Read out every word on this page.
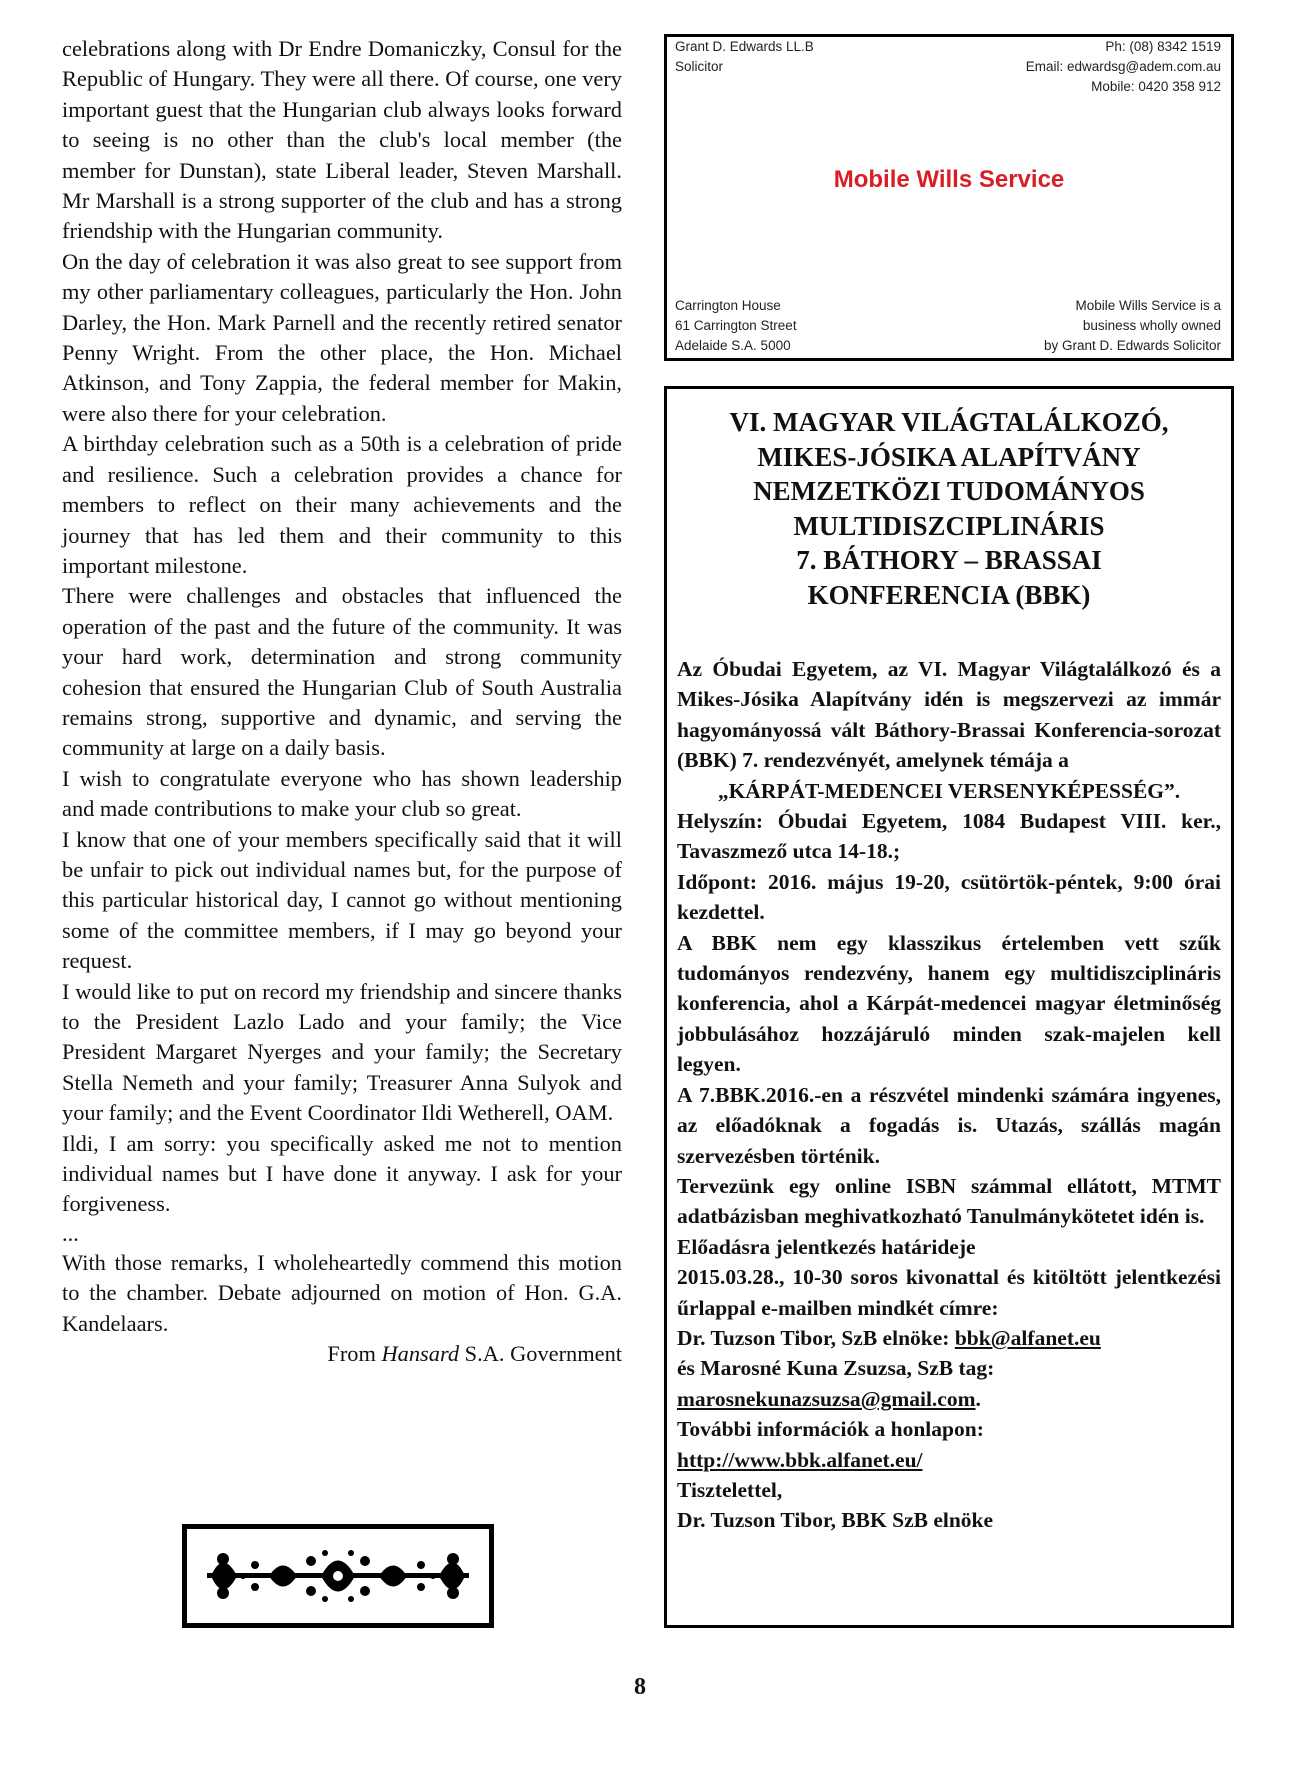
celebrations along with Dr Endre Domaniczky, Consul for the Republic of Hungary. They were all there. Of course, one very important guest that the Hungarian club always looks forward to seeing is no other than the club's local member (the member for Dunstan), state Liberal leader, Steven Marshall. Mr Marshall is a strong supporter of the club and has a strong friendship with the Hungarian community.

On the day of celebration it was also great to see support from my other parliamentary colleagues, particularly the Hon. John Darley, the Hon. Mark Parnell and the recently retired senator Penny Wright. From the other place, the Hon. Michael Atkinson, and Tony Zappia, the federal member for Makin, were also there for your celebration.

A birthday celebration such as a 50th is a celebration of pride and resilience. Such a celebration provides a chance for members to reflect on their many achievements and the journey that has led them and their community to this important milestone.

There were challenges and obstacles that influenced the operation of the past and the future of the community. It was your hard work, determination and strong community cohesion that ensured the Hungarian Club of South Australia remains strong, supportive and dynamic, and serving the community at large on a daily basis.

I wish to congratulate everyone who has shown leadership and made contributions to make your club so great.

I know that one of your members specifically said that it will be unfair to pick out individual names but, for the purpose of this particular historical day, I cannot go without mentioning some of the committee members, if I may go beyond your request.

I would like to put on record my friendship and sincere thanks to the President Lazlo Lado and your family; the Vice President Margaret Nyerges and your family; the Secretary Stella Nemeth and your family; Treasurer Anna Sulyok and your family; and the Event Coordinator Ildi Wetherell, OAM.

Ildi, I am sorry: you specifically asked me not to mention individual names but I have done it anyway. I ask for your forgiveness.

...

With those remarks, I wholeheartedly commend this motion to the chamber. Debate adjourned on motion of Hon. G.A. Kandelaars.

From Hansard S.A. Government

Grant D. Edwards LL.B
Solicitor
Ph: (08) 8342 1519
Email: edwardsg@adem.com.au
Mobile: 0420 358 912
Mobile Wills Service
Carrington House
61 Carrington Street
Adelaide S.A. 5000
Mobile Wills Service is a
business wholly owned
by Grant D. Edwards Solicitor
VI. MAGYAR VILÁGTALÁLKOZÓ,
MIKES-JÓSIKA ALAPÍTVÁNY
NEMZETKÖZI TUDOMÁNYOS
MULTIDISZCIPLINÁRIS
7. BÁTHORY – BRASSAI
KONFERENCIA (BBK)

Az Óbudai Egyetem, az VI. Magyar Világtalálkozó és a Mikes-Jósika Alapítvány idén is megszervezi az immár hagyományossá vált Báthory-Brassai Konferencia-sorozat (BBK) 7. rendezvényét, amelynek témája a

„KÁRPÁT-MEDENCEI VERSENYKÉPESSÉG”.

Helyszín: Óbudai Egyetem, 1084 Budapest VIII. ker., Tavaszmező utca 14-18.;

Időpont: 2016. május 19-20, csütörtök-péntek, 9:00 órai kezdettel.

A BBK nem egy klasszikus értelemben vett szűk tudományos rendezvény, hanem egy multidiszciplináris konferencia, ahol a Kárpát-medencei magyar életminőség jobbulásához hozzájáruló minden szak-majelen kell legyen.

A 7.BBK.2016.-en a részvétel mindenki számára ingyenes, az előadóknak a fogadás is. Utazás, szállás magán szervezésben történik.

Tervezünk egy online ISBN számmal ellátott, MTMT adatbázisban meghivatkozható Tanulmánykötetet idén is.

Előadásra jelentkezés határideje

2015.03.28., 10-30 soros kivonattal és kitöltött jelentkezési űrlappal e-mailben mindkét címre:

Dr. Tuzson Tibor, SzB elnöke: bbk@alfanet.eu

és Marosné Kuna Zsuzsa, SzB tag:

marosnekunazsuzsa@gmail.com.

További információk a honlapon:

http://www.bbk.alfanet.eu/

Tisztelettel,

Dr. Tuzson Tibor, BBK SzB elnöke

8
